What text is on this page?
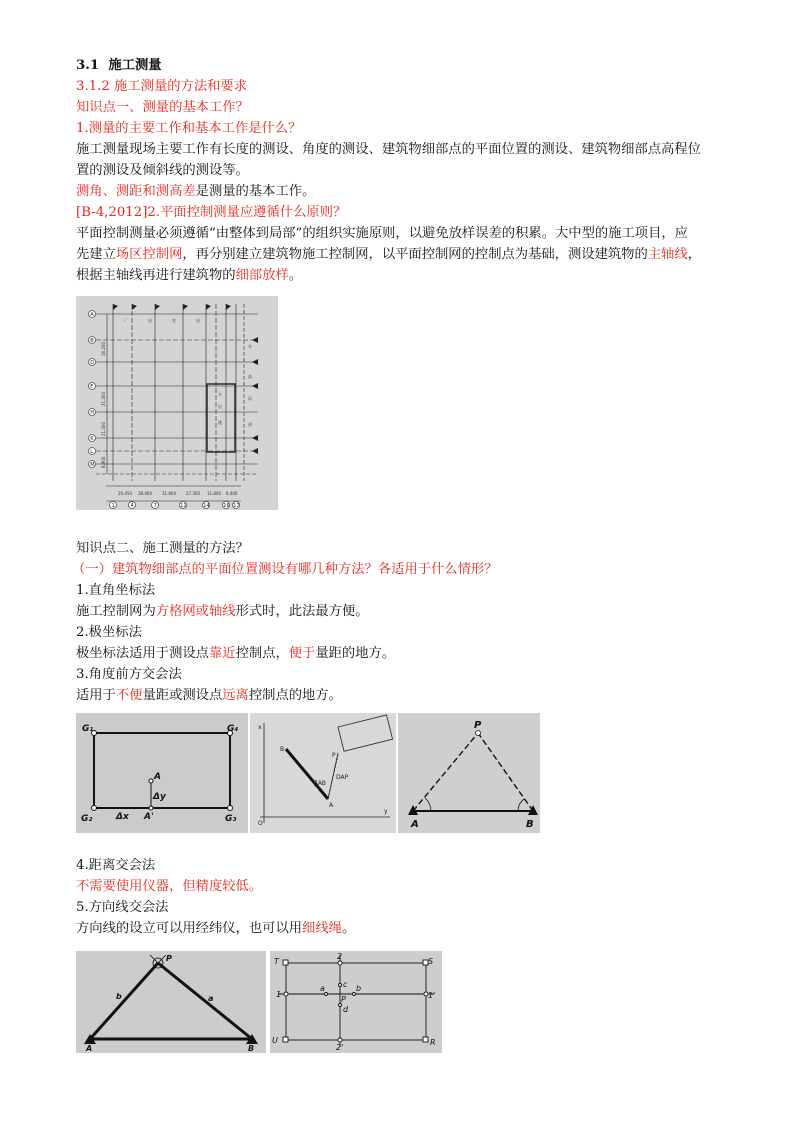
3.1 施工测量
3.1.2 施工测量的方法和要求
知识点一、测量的基本工作？
1.测量的主要工作和基本工作是什么？
施工测量现场主要工作有长度的测设、角度的测设、建筑物细部点的平面位置的测设、建筑物细部点高程位
置的测设及倾斜线的测设等。
测角、测距和测高差是测量的基本工作。
[B-4,2012]2.平面控制测量应遵循什么原则？
平面控制测量必须遵循“由整体到局部”的组织实施原则，以避免放样误差的积累。大中型的施工项目，应
先建立场区控制网，再分别建立建筑物施工控制网，以平面控制网的控制点为基础，测设建筑物的主轴线，
根据主轴线再进行建筑物的细部放样。
A
B
D
F
H
K
L
M
1	4	7	11	14	16 17
20.450 38.400	31.800	27.300 11.800 8.400
16.200
21.300
21.300
8.900
多
层
楼
专
高
局
部
厂	局	室	局
知识点二、施工测量的方法？
（一）建筑物细部点的平面位置测设有哪几种方法？各适用于什么情形？
1.直角坐标法
施工控制网为方格网或轴线形式时，此法最方便。
2.极坐标法
极坐标法适用于测设点靠近控制点，便于量距的地方。
3.角度前方交会法
适用于不便量距或测设点远离控制点的地方。
G₁	G₄
G₂	G₃
A
Δy
Δx A'
B
P
A
O
x
y
βAB
DAP
P
A	B
4.距离交会法
不需要使用仪器，但精度较低。
5.方向线交会法
方向线的设立可以用经纬仪，也可以用细线绳。
P
A	B
b	a
T	S
U	R
1	1'
2
2'
a	b
c
d
P
